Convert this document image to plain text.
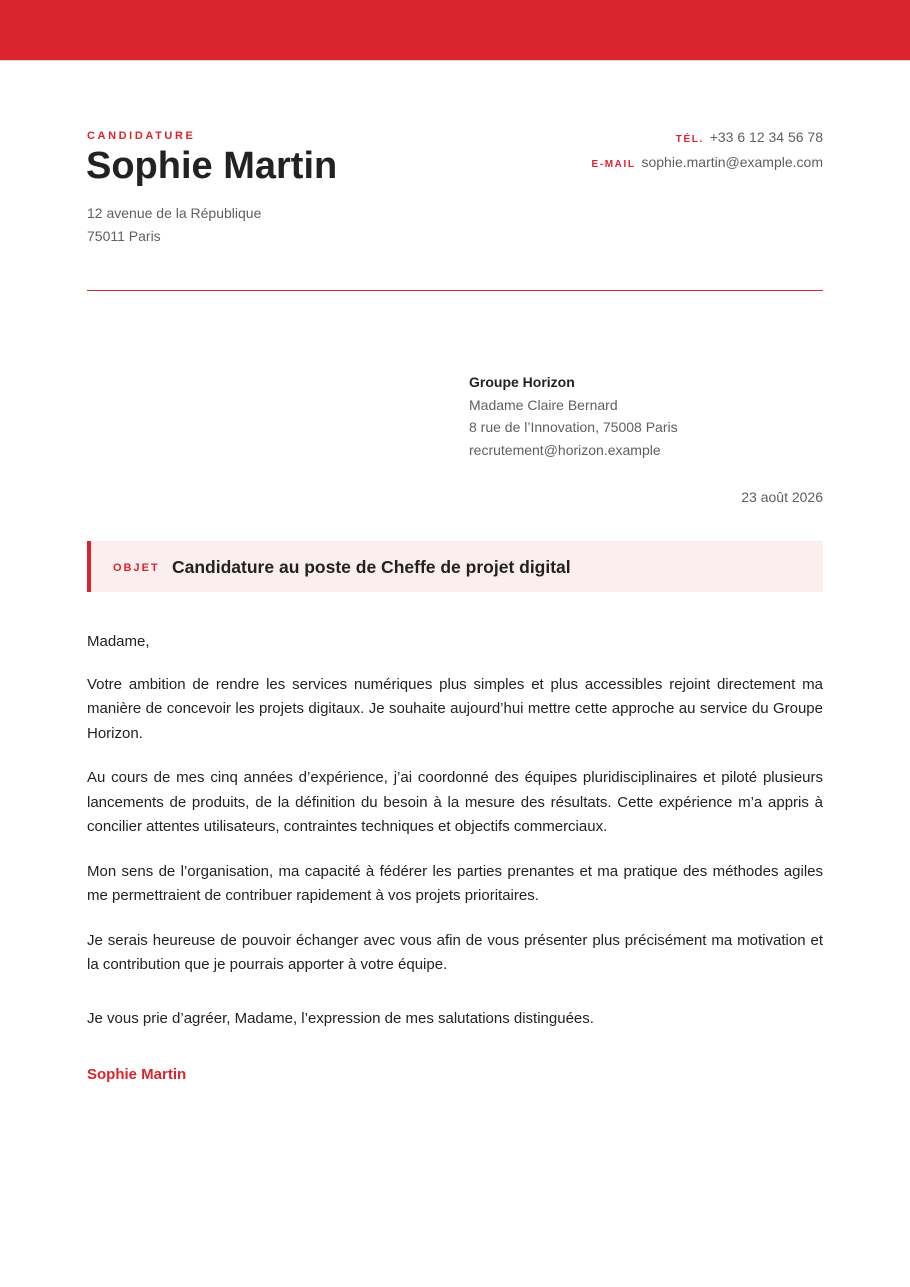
CANDIDATURE
Sophie Martin
12 avenue de la République
75011 Paris
TÉL. +33 6 12 34 56 78
E-MAIL sophie.martin@example.com
Groupe Horizon
Madame Claire Bernard
8 rue de l’Innovation, 75008 Paris
recrutement@horizon.example
23 août 2026
OBJET Candidature au poste de Cheffe de projet digital

Madame,

Votre ambition de rendre les services numériques plus simples et plus accessibles rejoint directement ma manière de concevoir les projets digitaux. Je souhaite aujourd’hui mettre cette approche au service du Groupe Horizon.

Au cours de mes cinq années d’expérience, j’ai coordonné des équipes pluridisciplinaires et piloté plusieurs lancements de produits, de la définition du besoin à la mesure des résultats. Cette expérience m’a appris à concilier attentes utilisateurs, contraintes techniques et objectifs commerciaux.

Mon sens de l’organisation, ma capacité à fédérer les parties prenantes et ma pratique des méthodes agiles me permettraient de contribuer rapidement à vos projets prioritaires.

Je serais heureuse de pouvoir échanger avec vous afin de vous présenter plus précisément ma motivation et la contribution que je pourrais apporter à votre équipe.

Je vous prie d’agréer, Madame, l’expression de mes salutations distinguées.
Sophie Martin
